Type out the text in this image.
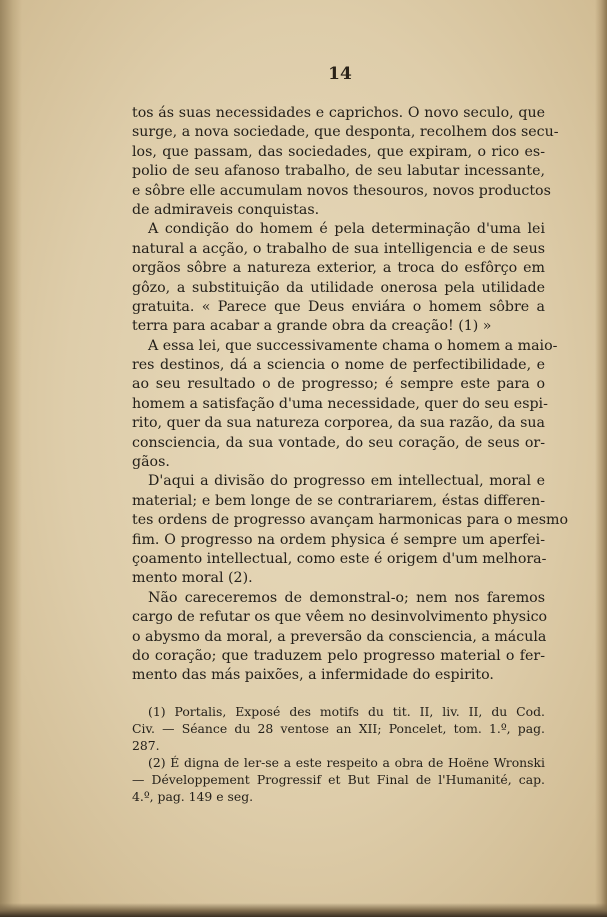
14
tos ás suas necessidades e caprichos. O novo seculo, que
surge, a nova sociedade, que desponta, recolhem dos secu-
los, que passam, das sociedades, que expiram, o rico es-
polio de seu afanoso trabalho, de seu labutar incessante,
e sôbre elle accumulam novos thesouros, novos productos
de admiraveis conquistas.
A condição do homem é pela determinação d'uma lei
natural a acção, o trabalho de sua intelligencia e de seus
orgãos sôbre a natureza exterior, a troca do esfôrço em
gôzo, a substituição da utilidade onerosa pela utilidade
gratuita. « Parece que Deus enviára o homem sôbre a
terra para acabar a grande obra da creação! (1) »
A essa lei, que successivamente chama o homem a maio-
res destinos, dá a sciencia o nome de perfectibilidade, e
ao seu resultado o de progresso; é sempre este para o
homem a satisfação d'uma necessidade, quer do seu espi-
rito, quer da sua natureza corporea, da sua razão, da sua
consciencia, da sua vontade, do seu coração, de seus or-
gãos.
D'aqui a divisão do progresso em intellectual, moral e
material; e bem longe de se contrariarem, éstas differen-
tes ordens de progresso avançam harmonicas para o mesmo
fim. O progresso na ordem physica é sempre um aperfei-
çoamento intellectual, como este é origem d'um melhora-
mento moral (2).
Não careceremos de demonstral-o; nem nos faremos
cargo de refutar os que vêem no desinvolvimento physico
o abysmo da moral, a preversão da consciencia, a mácula
do coração; que traduzem pelo progresso material o fer-
mento das más paixões, a infermidade do espirito.
(1) Portalis, Exposé des motifs du tit. II, liv. II, du Cod.
Civ. — Séance du 28 ventose an XII; Poncelet, tom. 1.º, pag.
287.
(2) É digna de ler-se a este respeito a obra de Hoëne Wronski
— Développement Progressif et But Final de l'Humanité, cap.
4.º, pag. 149 e seg.
